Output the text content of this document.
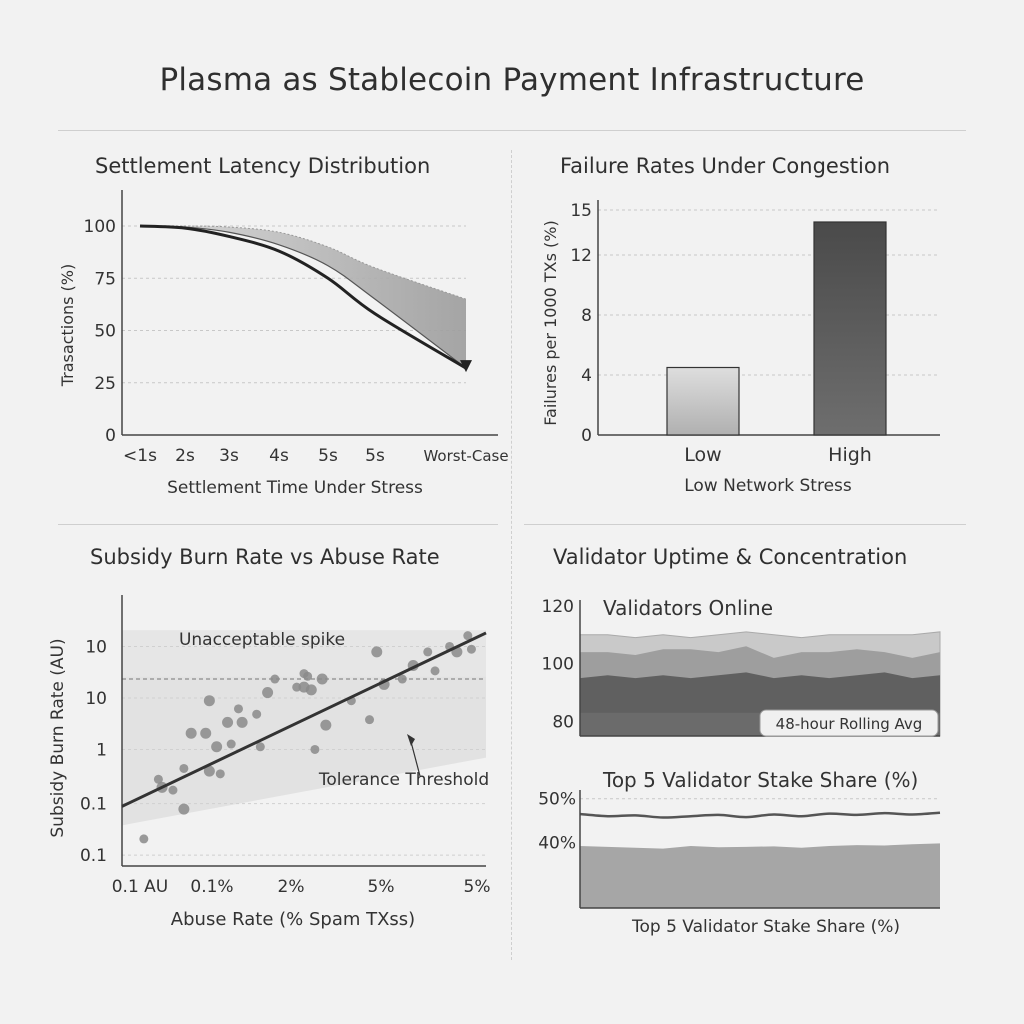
Plasma as Stablecoin Payment Infrastructure
Settlement Latency Distribution
0
25
50
75
100
<1s 2s 3s 4s 5s 5s	Worst-Case
Settlement Time Under Stress
Trasactions (%)
Failure Rates Under Congestion
0
4
8
12
15
Low	High
Low Network Stress
Failures per 1000 TXs (%)
Subsidy Burn Rate vs Abuse Rate
0.1
0.1
1
10
10	Unacceptable spike
Tolerance Threshold
0.1 AU 0.1%	2%	5%	5%
Abuse Rate (% Spam TXss)
Subsidy Burn Rate (AU)
Validator Uptime & Concentration
80
100
120 Validators Online
48-hour Rolling Avg
40%
50%
Top 5 Validator Stake Share (%)
Top 5 Validator Stake Share (%)
